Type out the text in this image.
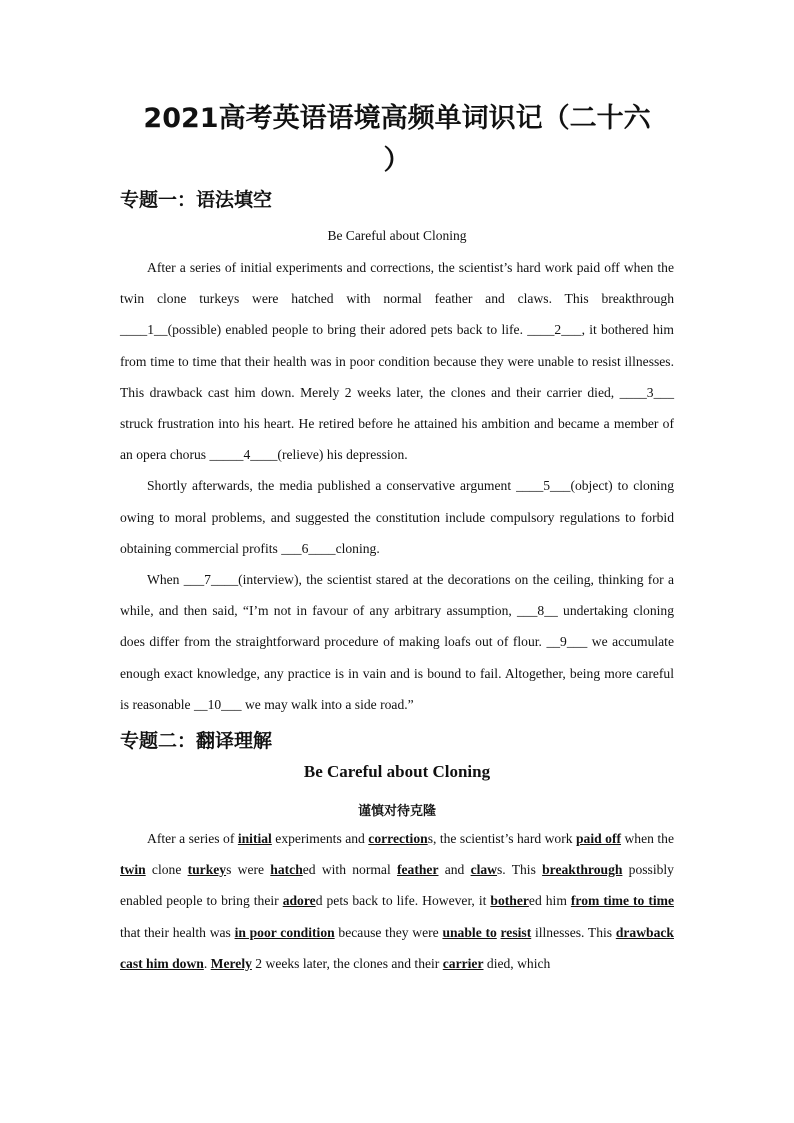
2021高考英语语境高频单词识记（二十六
）
专题一：语法填空
Be Careful about Cloning

After a series of initial experiments and corrections, the scientist’s hard work paid off when the twin clone turkeys were hatched with normal feather and claws. This breakthrough ____1__(possible) enabled people to bring their adored pets back to life. ____2___, it bothered him from time to time that their health was in poor condition because they were unable to resist illnesses. This drawback cast him down. Merely 2 weeks later, the clones and their carrier died, ____3___ struck frustration into his heart. He retired before he attained his ambition and became a member of an opera chorus _____4____(relieve) his depression.

Shortly afterwards, the media published a conservative argument ____5___(object) to cloning owing to moral problems, and suggested the constitution include compulsory regulations to forbid obtaining commercial profits ___6____cloning.

When ___7____(interview), the scientist stared at the decorations on the ceiling, thinking for a while, and then said, “I’m not in favour of any arbitrary assumption, ___8__ undertaking cloning does differ from the straightforward procedure of making loafs out of flour. __9___ we accumulate enough exact knowledge, any practice is in vain and is bound to fail. Altogether, being more careful is reasonable __10___ we may walk into a side road.”

专题二：翻译理解
Be Careful about Cloning
谨慎对待克隆

After a series of initial experiments and corrections, the scientist’s hard work paid off when the twin clone turkeys were hatched with normal feather and claws. This breakthrough possibly enabled people to bring their adored pets back to life. However, it bothered him from time to time that their health was in poor condition because they were unable to resist illnesses. This drawback cast him down. Merely 2 weeks later, the clones and their carrier died, which
